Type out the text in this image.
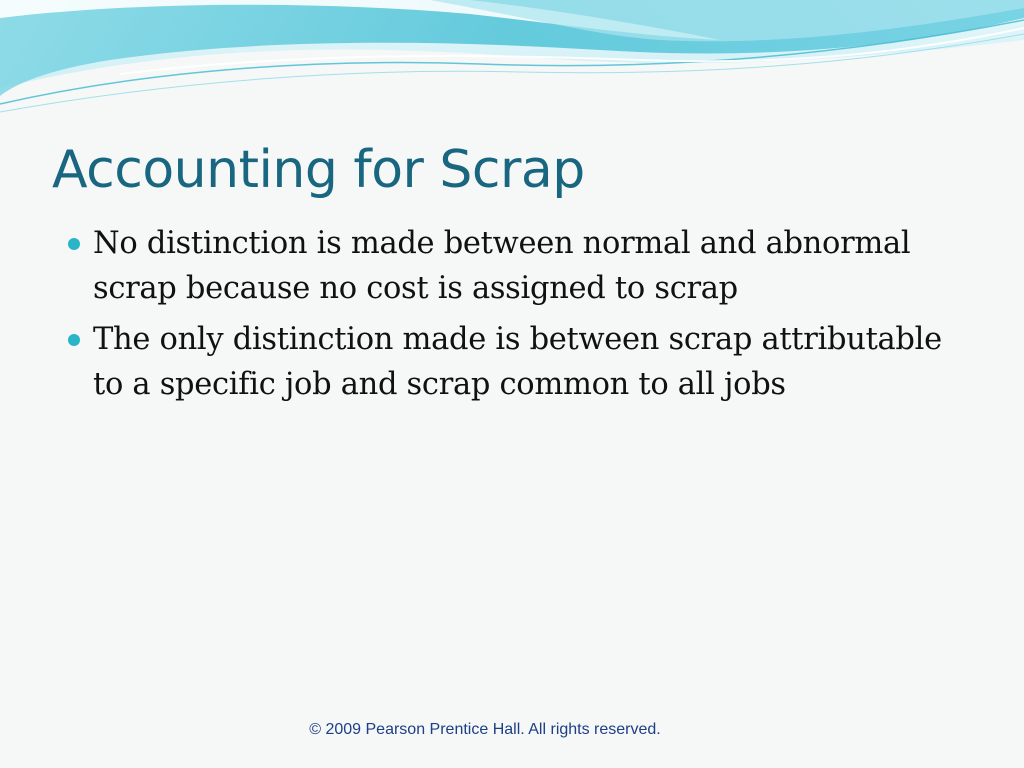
Accounting for Scrap
No distinction is made between normal and abnormal scrap because no cost is assigned to scrap
The only distinction made is between scrap attributable to a specific job and scrap common to all jobs
© 2009 Pearson Prentice Hall. All rights reserved.
